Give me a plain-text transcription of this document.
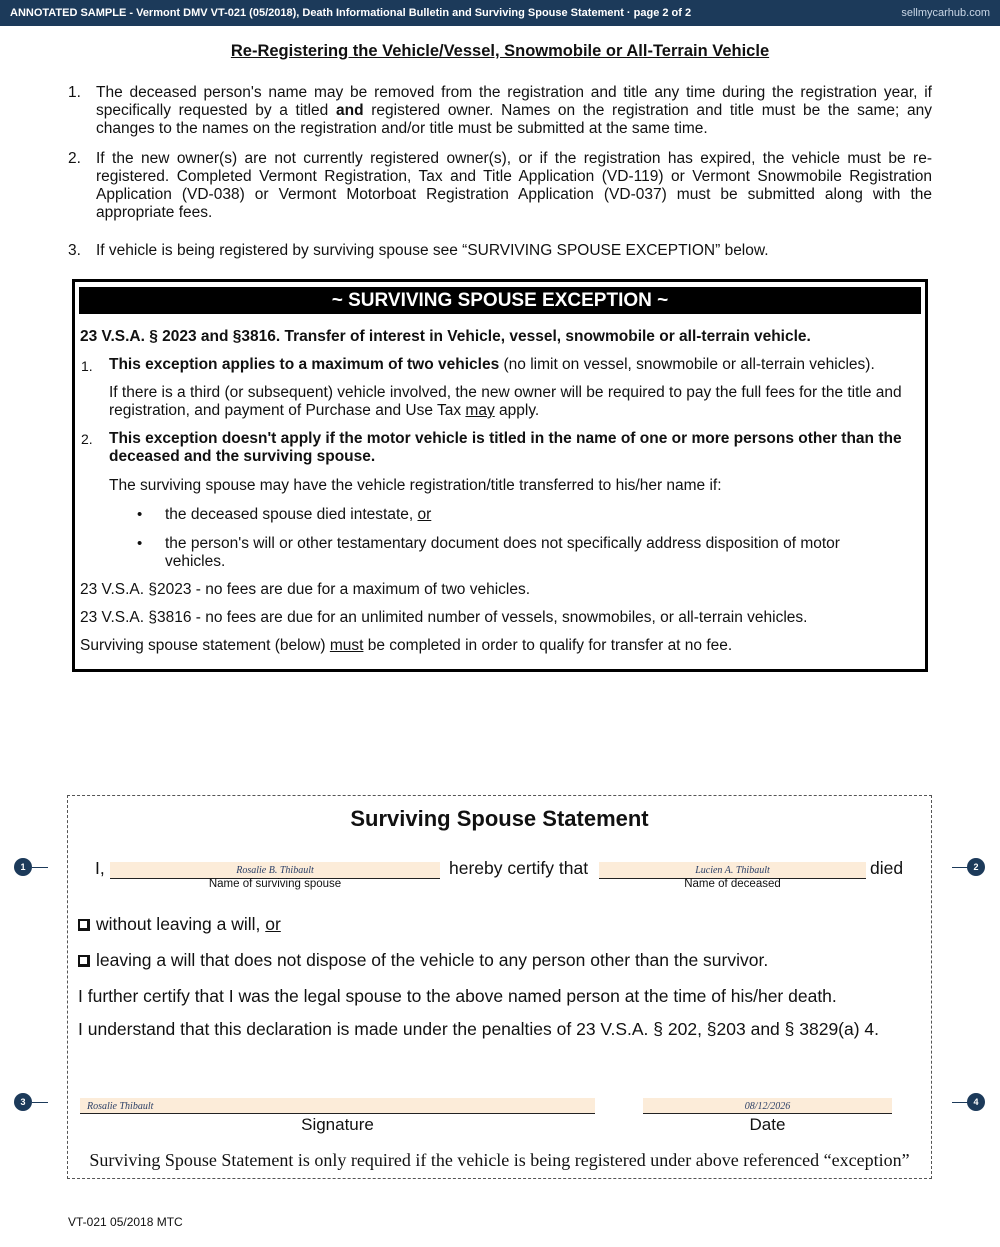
ANNOTATED SAMPLE - Vermont DMV VT-021 (05/2018), Death Informational Bulletin and Surviving Spouse Statement · page 2 of 2	sellmycarhub.com
Re-Registering the Vehicle/Vessel, Snowmobile or All-Terrain Vehicle
1. The deceased person's name may be removed from the registration and title any time during the registration year, if specifically requested by a titled and registered owner. Names on the registration and title must be the same; any changes to the names on the registration and/or title must be submitted at the same time.
2. If the new owner(s) are not currently registered owner(s), or if the registration has expired, the vehicle must be re-registered. Completed Vermont Registration, Tax and Title Application (VD-119) or Vermont Snowmobile Registration Application (VD-038) or Vermont Motorboat Registration Application (VD-037) must be submitted along with the appropriate fees.
3. If vehicle is being registered by surviving spouse see “SURVIVING SPOUSE EXCEPTION” below.
~ SURVIVING SPOUSE EXCEPTION ~
23 V.S.A. § 2023 and §3816. Transfer of interest in Vehicle, vessel, snowmobile or all-terrain vehicle.
1. This exception applies to a maximum of two vehicles (no limit on vessel, snowmobile or all-terrain vehicles).
If there is a third (or subsequent) vehicle involved, the new owner will be required to pay the full fees for the title and registration, and payment of Purchase and Use Tax may apply.
2. This exception doesn't apply if the motor vehicle is titled in the name of one or more persons other than the deceased and the surviving spouse.
The surviving spouse may have the vehicle registration/title transferred to his/her name if:
• the deceased spouse died intestate, or
• the person's will or other testamentary document does not specifically address disposition of motor vehicles.
23 V.S.A. §2023 - no fees are due for a maximum of two vehicles.
23 V.S.A. §3816 - no fees are due for an unlimited number of vessels, snowmobiles, or all-terrain vehicles.
Surviving spouse statement (below) must be completed in order to qualify for transfer at no fee.
Surviving Spouse Statement
I,	Rosalie B. Thibault
Name of surviving spouse
hereby certify that	Lucien A. Thibault
Name of deceased
died
without leaving a will, or
leaving a will that does not dispose of the vehicle to any person other than the survivor.
I further certify that I was the legal spouse to the above named person at the time of his/her death.
I understand that this declaration is made under the penalties of 23 V.S.A. § 202, §203 and § 3829(a) 4.
Rosalie Thibault
Signature
08/12/2026
Date
Surviving Spouse Statement is only required if the vehicle is being registered under above referenced “exception”
1	2
3	4
VT-021 05/2018 MTC
